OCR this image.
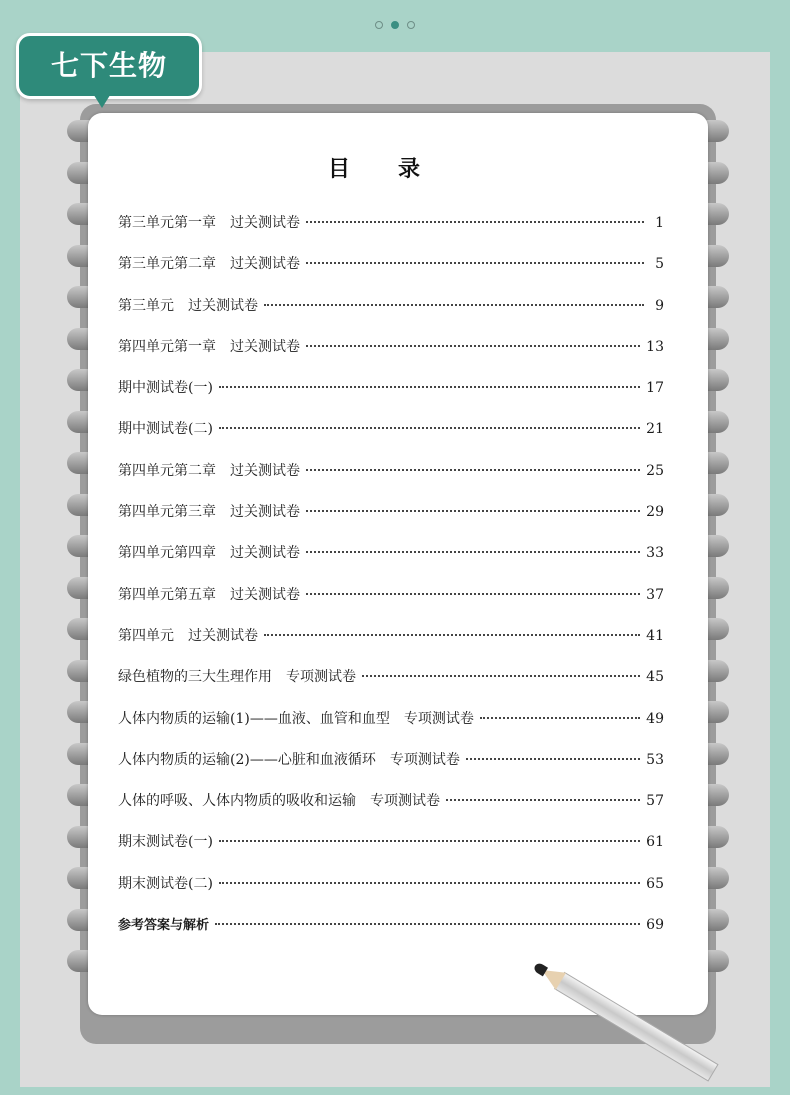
七下生物
目录
第三单元第一章　过关测试卷	1
第三单元第二章　过关测试卷	5
第三单元　过关测试卷	9
第四单元第一章　过关测试卷	13
期中测试卷(一)	17
期中测试卷(二)	21
第四单元第二章　过关测试卷	25
第四单元第三章　过关测试卷	29
第四单元第四章　过关测试卷	33
第四单元第五章　过关测试卷	37
第四单元　过关测试卷	41
绿色植物的三大生理作用　专项测试卷	45
人体内物质的运输(1)——血液、血管和血型　专项测试卷	49
人体内物质的运输(2)——心脏和血液循环　专项测试卷	53
人体的呼吸、人体内物质的吸收和运输　专项测试卷	57
期末测试卷(一)	61
期末测试卷(二)	65
参考答案与解析	69
